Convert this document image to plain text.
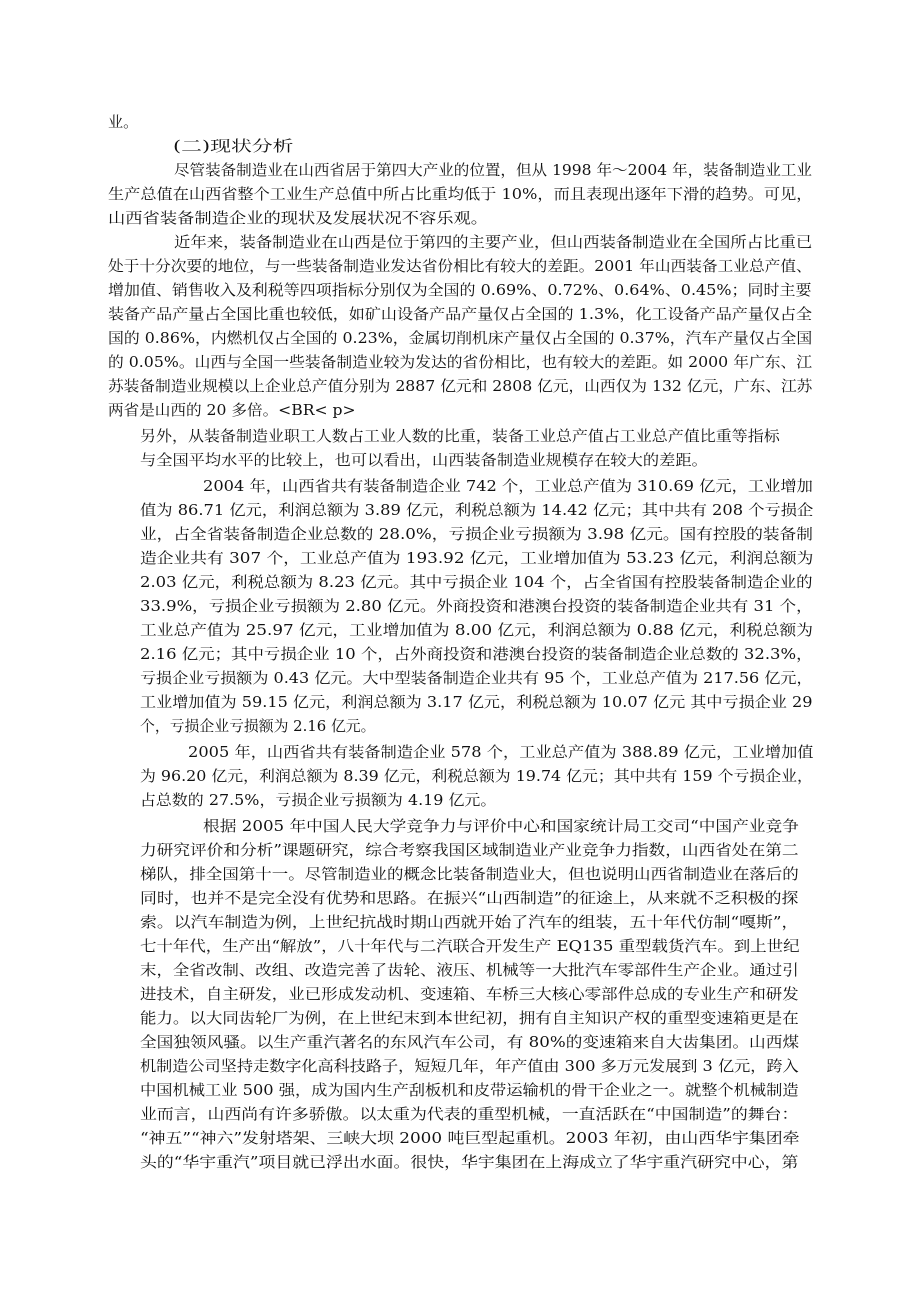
业。
(二)现状分析
尽管装备制造业在山西省居于第四大产业的位置，但从 1998 年～2004 年，装备制造业工业
生产总值在山西省整个工业生产总值中所占比重均低于 10%，而且表现出逐年下滑的趋势。可见，
山西省装备制造企业的现状及发展状况不容乐观。
近年来，装备制造业在山西是位于第四的主要产业，但山西装备制造业在全国所占比重已
处于十分次要的地位，与一些装备制造业发达省份相比有较大的差距。2001 年山西装备工业总产值、
增加值、销售收入及利税等四项指标分别仅为全国的 0.69%、0.72%、0.64%、0.45%；同时主要
装备产品产量占全国比重也较低，如矿山设备产品产量仅占全国的 1.3%，化工设备产品产量仅占全
国的 0.86%，内燃机仅占全国的 0.23%，金属切削机床产量仅占全国的 0.37%，汽车产量仅占全国
的 0.05%。山西与全国一些装备制造业较为发达的省份相比，也有较大的差距。如 2000 年广东、江
苏装备制造业规模以上企业总产值分别为 2887 亿元和 2808 亿元，山西仅为 132 亿元，广东、江苏
两省是山西的 20 多倍。<BR< p>
另外，从装备制造业职工人数占工业人数的比重，装备工业总产值占工业总产值比重等指标
与全国平均水平的比较上，也可以看出，山西装备制造业规模存在较大的差距。
2004 年，山西省共有装备制造企业 742 个，工业总产值为 310.69 亿元，工业增加
值为 86.71 亿元，利润总额为 3.89 亿元，利税总额为 14.42 亿元；其中共有 208 个亏损企
业，占全省装备制造企业总数的 28.0%，亏损企业亏损额为 3.98 亿元。国有控股的装备制
造企业共有 307 个，工业总产值为 193.92 亿元，工业增加值为 53.23 亿元，利润总额为
2.03 亿元，利税总额为 8.23 亿元。其中亏损企业 104 个，占全省国有控股装备制造企业的
33.9%，亏损企业亏损额为 2.80 亿元。外商投资和港澳台投资的装备制造企业共有 31 个，
工业总产值为 25.97 亿元，工业增加值为 8.00 亿元，利润总额为 0.88 亿元，利税总额为
2.16 亿元；其中亏损企业 10 个，占外商投资和港澳台投资的装备制造企业总数的 32.3%，
亏损企业亏损额为 0.43 亿元。大中型装备制造企业共有 95 个，工业总产值为 217.56 亿元，
工业增加值为 59.15 亿元，利润总额为 3.17 亿元，利税总额为 10.07 亿元 其中亏损企业 29
个，亏损企业亏损额为 2.16 亿元。
2005 年，山西省共有装备制造企业 578 个，工业总产值为 388.89 亿元，工业增加值
为 96.20 亿元，利润总额为 8.39 亿元，利税总额为 19.74 亿元；其中共有 159 个亏损企业，
占总数的 27.5%，亏损企业亏损额为 4.19 亿元。
根据 2005 年中国人民大学竞争力与评价中心和国家统计局工交司“中国产业竞争
力研究评价和分析”课题研究，综合考察我国区域制造业产业竞争力指数，山西省处在第二
梯队，排全国第十一。尽管制造业的概念比装备制造业大，但也说明山西省制造业在落后的
同时，也并不是完全没有优势和思路。在振兴“山西制造”的征途上，从来就不乏积极的探
索。以汽车制造为例，上世纪抗战时期山西就开始了汽车的组装，五十年代仿制“嘎斯”，
七十年代，生产出“解放”，八十年代与二汽联合开发生产 EQ135 重型载货汽车。到上世纪
末，全省改制、改组、改造完善了齿轮、液压、机械等一大批汽车零部件生产企业。通过引
进技术，自主研发，业已形成发动机、变速箱、车桥三大核心零部件总成的专业生产和研发
能力。以大同齿轮厂为例，在上世纪末到本世纪初，拥有自主知识产权的重型变速箱更是在
全国独领风骚。以生产重汽著名的东风汽车公司，有 80%的变速箱来自大齿集团。山西煤
机制造公司坚持走数字化高科技路子，短短几年，年产值由 300 多万元发展到 3 亿元，跨入
中国机械工业 500 强，成为国内生产刮板机和皮带运输机的骨干企业之一。就整个机械制造
业而言，山西尚有许多骄傲。以太重为代表的重型机械，一直活跃在“中国制造”的舞台：
“神五”“神六”发射塔架、三峡大坝 2000 吨巨型起重机。2003 年初，由山西华宇集团牵
头的“华宇重汽”项目就已浮出水面。很快，华宇集团在上海成立了华宇重汽研究中心，第
